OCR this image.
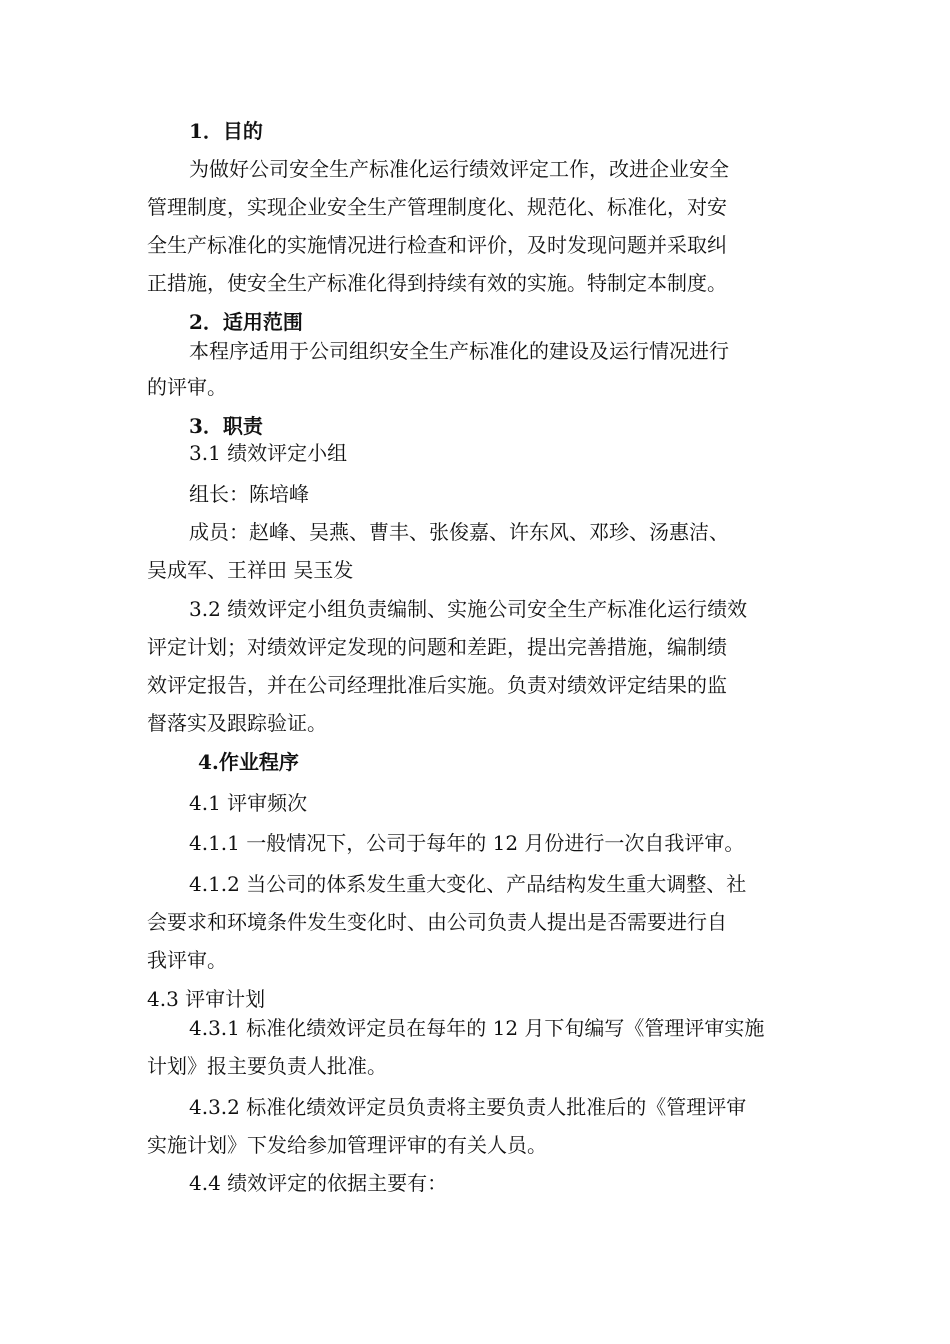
1．目的
为做好公司安全生产标准化运行绩效评定工作，改进企业安全
管理制度，实现企业安全生产管理制度化、规范化、标准化，对安
全生产标准化的实施情况进行检查和评价，及时发现问题并采取纠
正措施，使安全生产标准化得到持续有效的实施。特制定本制度。
2．适用范围
本程序适用于公司组织安全生产标准化的建设及运行情况进行
的评审。
3．职责
3.1 绩效评定小组
组长：陈培峰
成员：赵峰、吴燕、曹丰、张俊嘉、许东风、邓珍、汤惠洁、
吴成军、王祥田 吴玉发
3.2 绩效评定小组负责编制、实施公司安全生产标准化运行绩效
评定计划；对绩效评定发现的问题和差距，提出完善措施，编制绩
效评定报告，并在公司经理批准后实施。负责对绩效评定结果的监
督落实及跟踪验证。
4.作业程序
4.1 评审频次
4.1.1 一般情况下，公司于每年的 12 月份进行一次自我评审。
4.1.2 当公司的体系发生重大变化、产品结构发生重大调整、社
会要求和环境条件发生变化时、由公司负责人提出是否需要进行自
我评审。
4.3 评审计划
4.3.1 标准化绩效评定员在每年的 12 月下旬编写《管理评审实施
计划》报主要负责人批准。
4.3.2 标准化绩效评定员负责将主要负责人批准后的《管理评审
实施计划》下发给参加管理评审的有关人员。
4.4 绩效评定的依据主要有：
